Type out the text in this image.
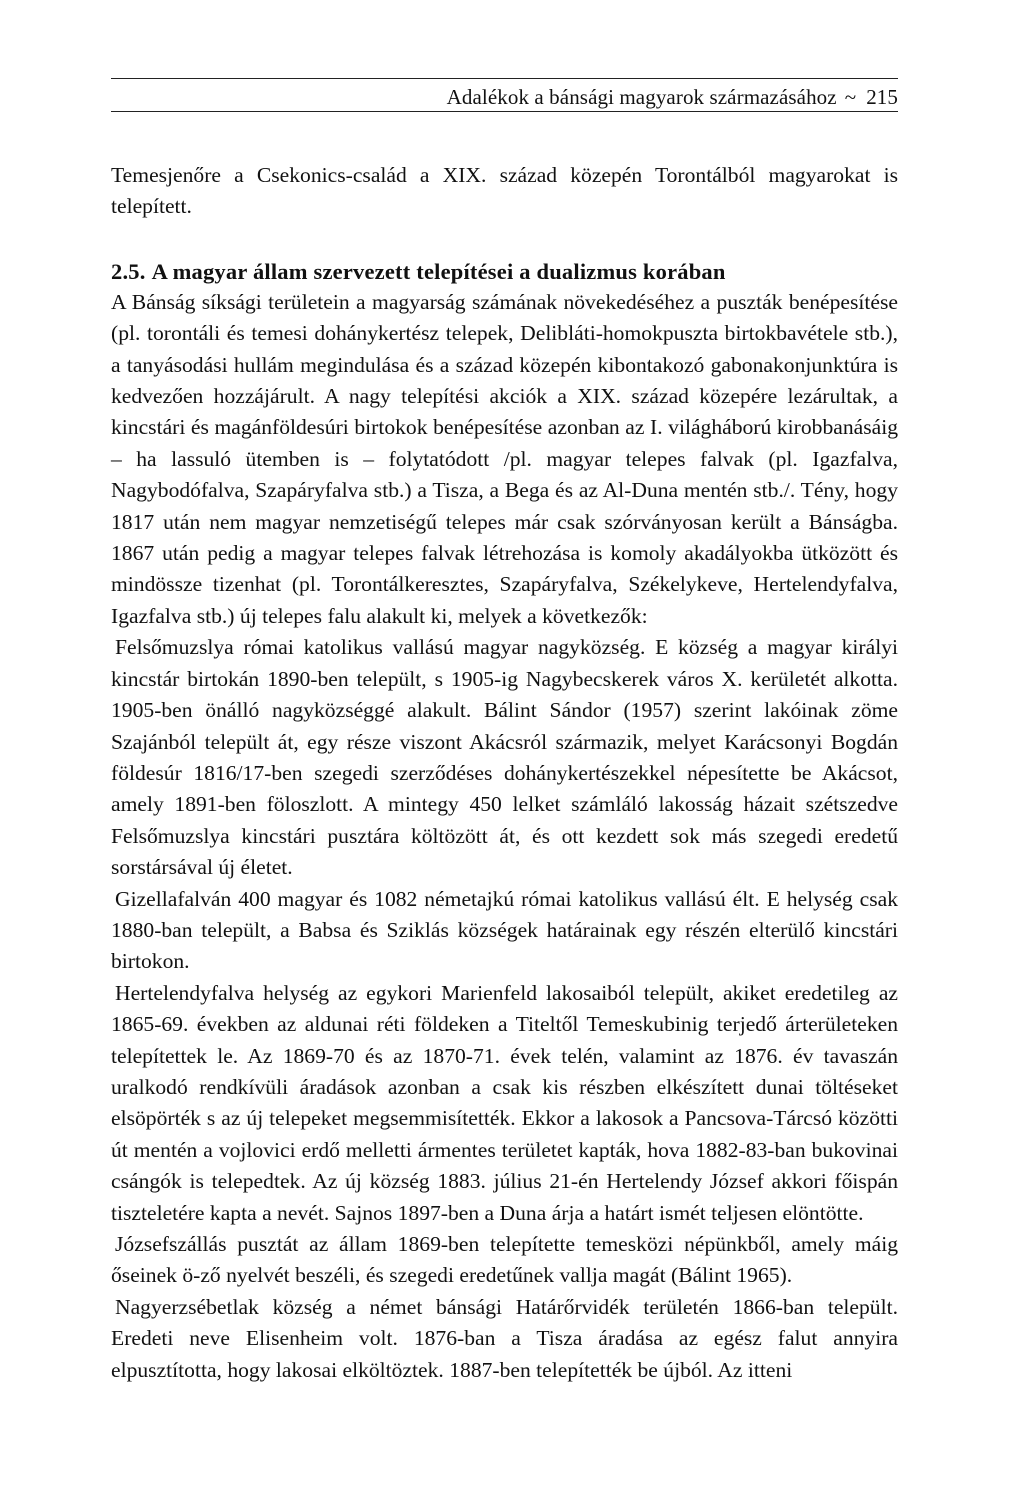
Adalékok a bánsági magyarok származásához ~ 215

Temesjenőre a Csekonics-család a XIX. század közepén Torontálból magyarokat is telepített.

2.5. A magyar állam szervezett telepítései a dualizmus korában

A Bánság síksági területein a magyarság számának növekedéséhez a puszták benépesítése (pl. torontáli és temesi dohánykertész telepek, Delibláti-homokpuszta birtokbavétele stb.), a tanyásodási hullám megindulása és a század közepén kibontakozó gabonakonjunktúra is kedvezően hozzájárult. A nagy telepítési akciók a XIX. század közepére lezárultak, a kincstári és magánföldesúri birtokok benépesítése azonban az I. világháború kirobbanásáig – ha lassuló ütemben is – folytatódott /pl. magyar telepes falvak (pl. Igazfalva, Nagybodófalva, Szapáryfalva stb.) a Tisza, a Bega és az Al-Duna mentén stb./. Tény, hogy 1817 után nem magyar nemzetiségű telepes már csak szórványosan került a Bánságba. 1867 után pedig a magyar telepes falvak létrehozása is komoly akadályokba ütközött és mindössze tizenhat (pl. Torontálkeresztes, Szapáryfalva, Székelykeve, Hertelendyfalva, Igazfalva stb.) új telepes falu alakult ki, melyek a következők:

Felsőmuzslya római katolikus vallású magyar nagyközség. E község a magyar királyi kincstár birtokán 1890-ben települt, s 1905-ig Nagybecskerek város X. kerületét alkotta. 1905-ben önálló nagyközséggé alakult. Bálint Sándor (1957) szerint lakóinak zöme Szajánból települt át, egy része viszont Akácsról származik, melyet Karácsonyi Bogdán földesúr 1816/17-ben szegedi szerződéses dohánykertészekkel népesítette be Akácsot, amely 1891-ben föloszlott. A mintegy 450 lelket számláló lakosság házait szétszedve Felsőmuzslya kincstári pusztára költözött át, és ott kezdett sok más szegedi eredetű sorstársával új életet.

Gizellafalván 400 magyar és 1082 németajkú római katolikus vallású élt. E helység csak 1880-ban települt, a Babsa és Sziklás községek határainak egy részén elterülő kincstári birtokon.

Hertelendyfalva helység az egykori Marienfeld lakosaiból települt, akiket eredetileg az 1865-69. években az aldunai réti földeken a Titeltől Temeskubinig terjedő árterületeken telepítettek le. Az 1869-70 és az 1870-71. évek telén, valamint az 1876. év tavaszán uralkodó rendkívüli áradások azonban a csak kis részben elkészített dunai töltéseket elsöpörték s az új telepeket megsemmisítették. Ekkor a lakosok a Pancsova-Tárcsó közötti út mentén a vojlovici erdő melletti ármentes területet kapták, hova 1882-83-ban bukovinai csángók is telepedtek. Az új község 1883. július 21-én Hertelendy József akkori főispán tiszteletére kapta a nevét. Sajnos 1897-ben a Duna árja a határt ismét teljesen elöntötte.

Józsefszállás pusztát az állam 1869-ben telepítette temesközi népünkből, amely máig őseinek ö-ző nyelvét beszéli, és szegedi eredetűnek vallja magát (Bálint 1965).

Nagyerzsébetlak község a német bánsági Határőrvidék területén 1866-ban települt. Eredeti neve Elisenheim volt. 1876-ban a Tisza áradása az egész falut annyira elpusztította, hogy lakosai elköltöztek. 1887-ben telepítették be újból. Az itteni
